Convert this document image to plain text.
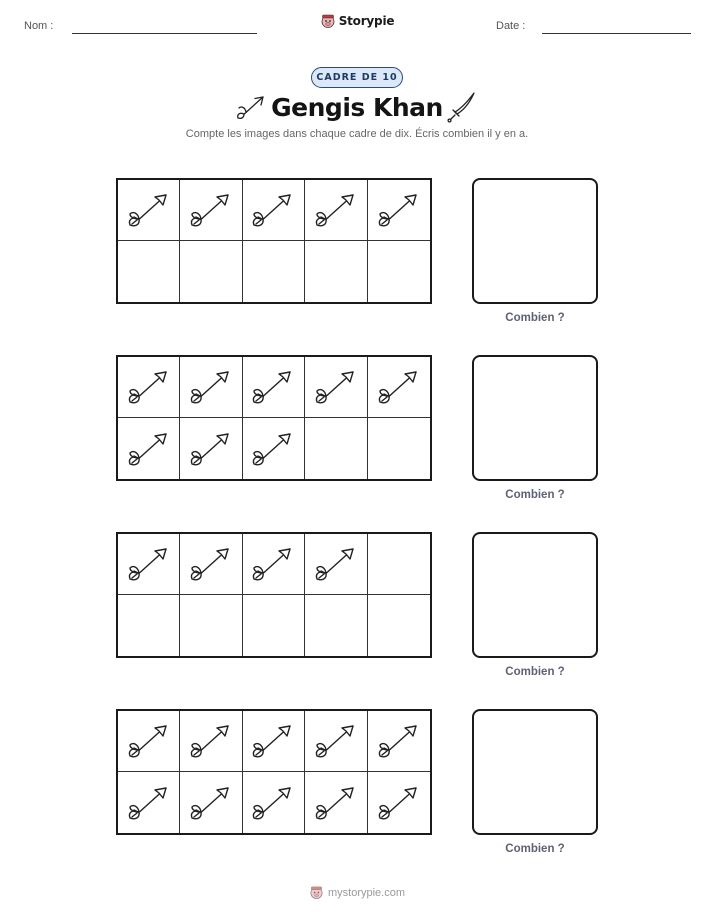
Nom :	Storypie	Date :
CADRE DE 10
Gengis Khan
Compte les images dans chaque cadre de dix. Écris combien il y en a.
Combien ?
Combien ?
Combien ?
Combien ?
mystorypie.com
